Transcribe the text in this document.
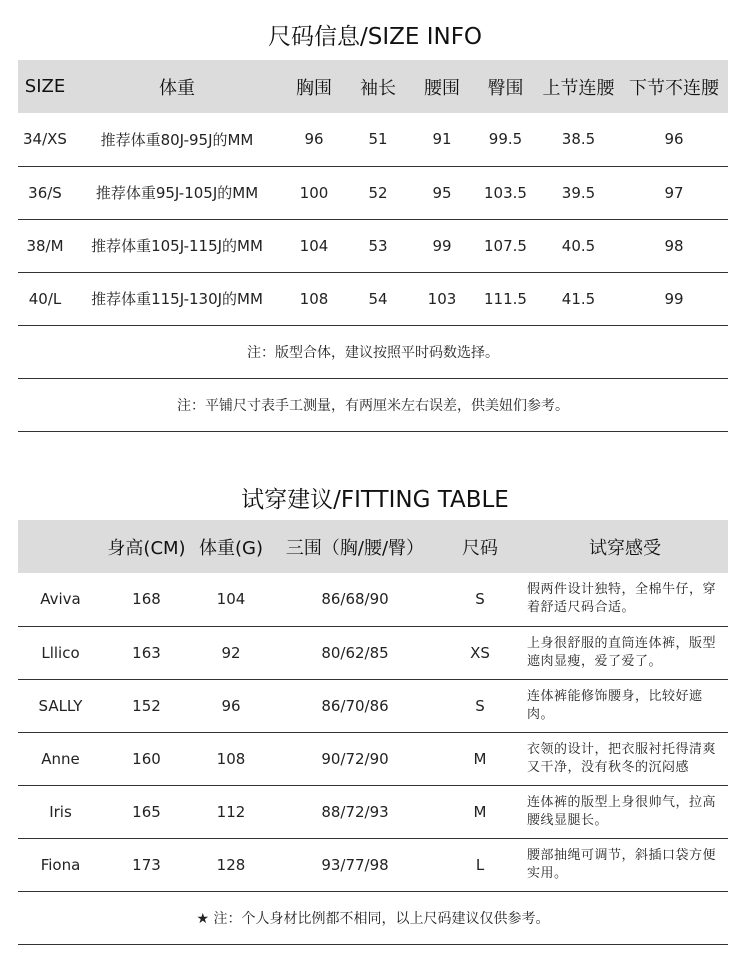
尺码信息/SIZE INFO
SIZE	体重	胸围	袖长	腰围	臀围	上节连腰	下节不连腰
34/XS	推荐体重80J-95J的MM	96	51	91	99.5	38.5	96
36/S	推荐体重95J-105J的MM	100	52	95	103.5	39.5	97
38/M	推荐体重105J-115J的MM	104	53	99	107.5	40.5	98
40/L	推荐体重115J-130J的MM	108	54	103	111.5	41.5	99
注：版型合体，建议按照平时码数选择。							
注：平铺尺寸表手工测量，有两厘米左右误差，供美妞们参考。							
试穿建议/FITTING TABLE
	身高(CM)	体重(G)	三围（胸/腰/臀）	尺码	试穿感受
Aviva	168	104	86/68/90	S	假两件设计独特，全棉牛仔，穿着舒适尺码合适。
Lllico	163	92	80/62/85	XS	上身很舒服的直筒连体裤，版型遮肉显瘦，爱了爱了。
SALLY	152	96	86/70/86	S	连体裤能修饰腰身，比较好遮肉。
Anne	160	108	90/72/90	M	衣领的设计，把衣服衬托得清爽又干净，没有秋冬的沉闷感
Iris	165	112	88/72/93	M	连体裤的版型上身很帅气，拉高腰线显腿长。
Fiona	173	128	93/77/98	L	腰部抽绳可调节，斜插口袋方便实用。
★ 注：个人身材比例都不相同，以上尺码建议仅供参考。					
